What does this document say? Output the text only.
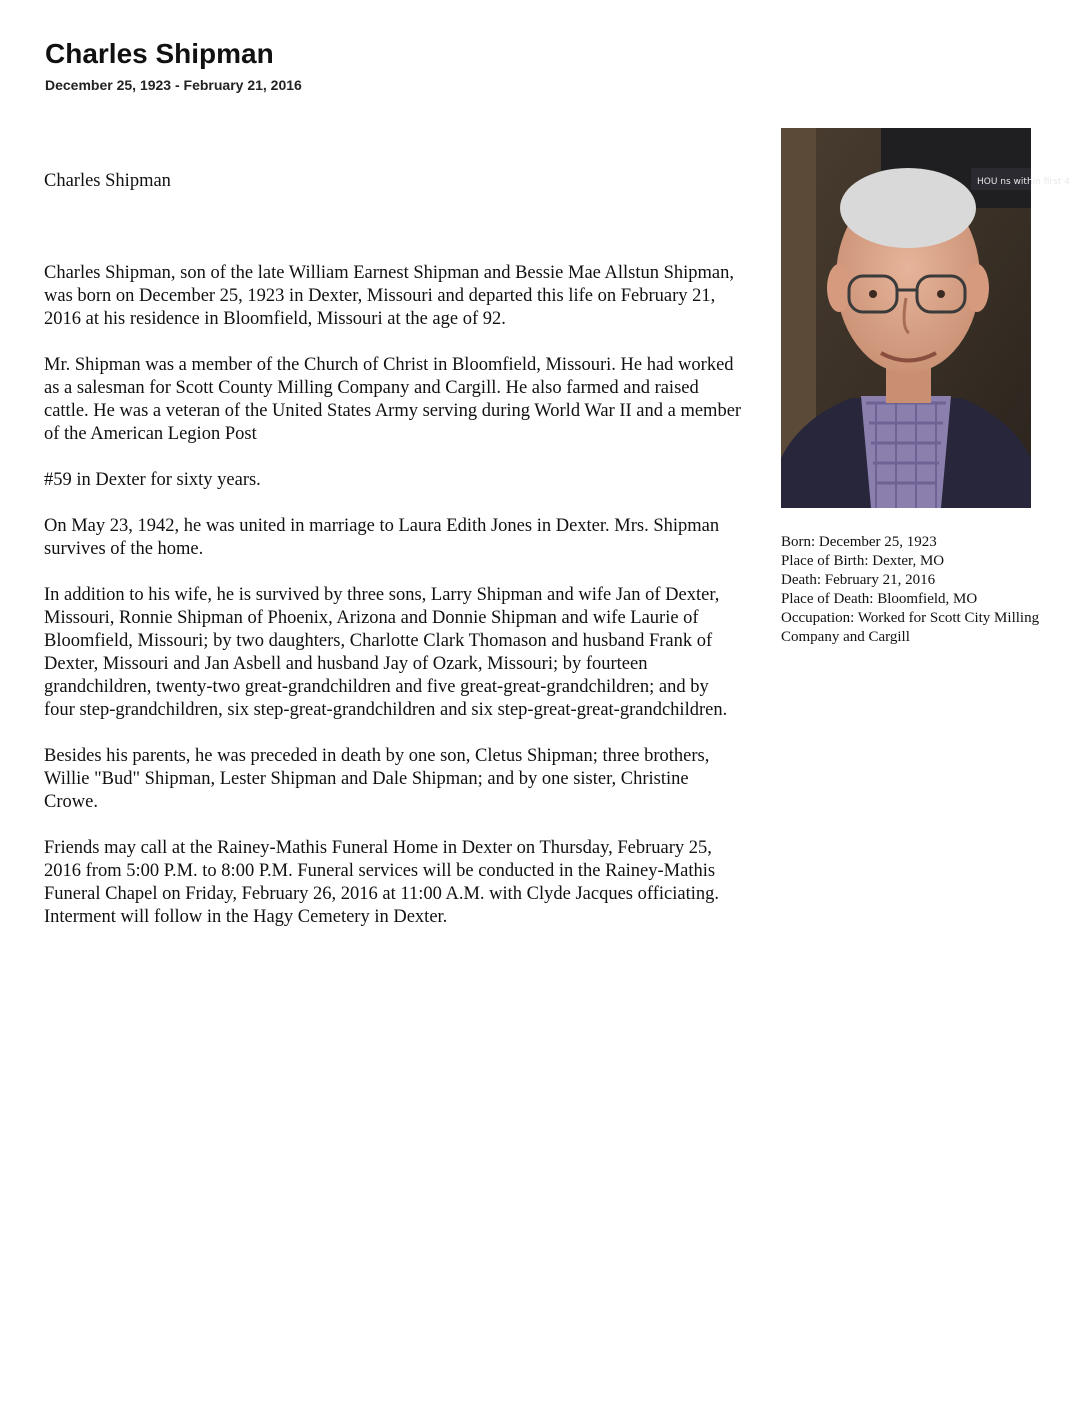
Charles Shipman
December 25, 1923 - February 21, 2016

Charles Shipman

Charles Shipman, son of the late William Earnest Shipman and Bessie Mae Allstun Shipman, was born on December 25, 1923 in Dexter, Missouri and departed this life on February 21, 2016 at his residence in Bloomfield, Missouri at the age of 92.

Mr. Shipman was a member of the Church of Christ in Bloomfield, Missouri. He had worked as a salesman for Scott County Milling Company and Cargill. He also farmed and raised cattle. He was a veteran of the United States Army serving during World War II and a member of the American Legion Post

#59 in Dexter for sixty years.

On May 23, 1942, he was united in marriage to Laura Edith Jones in Dexter. Mrs. Shipman survives of the home.

In addition to his wife, he is survived by three sons, Larry Shipman and wife Jan of Dexter, Missouri, Ronnie Shipman of Phoenix, Arizona and Donnie Shipman and wife Laurie of Bloomfield, Missouri; by two daughters, Charlotte Clark Thomason and husband Frank of Dexter, Missouri and Jan Asbell and husband Jay of Ozark, Missouri; by fourteen grandchildren, twenty-two great-grandchildren and five great-great-grandchildren; and by four step-grandchildren, six step-great-grandchildren and six step-great-great-grandchildren.

Besides his parents, he was preceded in death by one son, Cletus Shipman; three brothers, Willie "Bud" Shipman, Lester Shipman and Dale Shipman; and by one sister, Christine Crowe.

Friends may call at the Rainey-Mathis Funeral Home in Dexter on Thursday, February 25, 2016 from 5:00 P.M. to 8:00 P.M. Funeral services will be conducted in the Rainey-Mathis Funeral Chapel on Friday, February 26, 2016 at 11:00 A.M. with Clyde Jacques officiating. Interment will follow in the Hagy Cemetery in Dexter.

HOU ns within first 4
Born: December 25, 1923
Place of Birth: Dexter, MO
Death: February 21, 2016
Place of Death: Bloomfield, MO
Occupation: Worked for Scott City Milling Company and Cargill
